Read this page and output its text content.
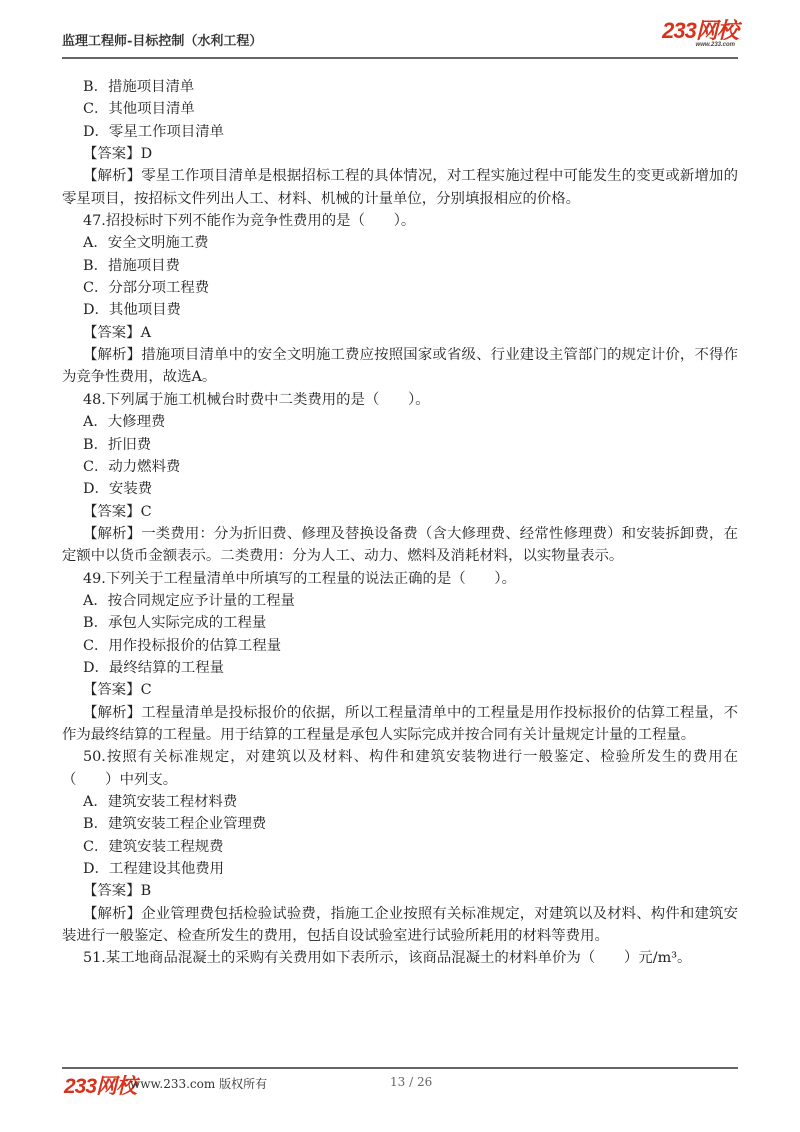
监理工程师-目标控制（水利工程）	233网校
www.233.com

B．措施项目清单

C．其他项目清单

D．零星工作项目清单

【答案】D

【解析】零星工作项目清单是根据招标工程的具体情况，对工程实施过程中可能发生的变更或新增加的零星项目，按招标文件列出人工、材料、机械的计量单位，分别填报相应的价格。

47.招投标时下列不能作为竞争性费用的是（　　）。

A．安全文明施工费

B．措施项目费

C．分部分项工程费

D．其他项目费

【答案】A

【解析】措施项目清单中的安全文明施工费应按照国家或省级、行业建设主管部门的规定计价，不得作为竞争性费用，故选A。

48.下列属于施工机械台时费中二类费用的是（　　）。

A．大修理费

B．折旧费

C．动力燃料费

D．安装费

【答案】C

【解析】一类费用：分为折旧费、修理及替换设备费（含大修理费、经常性修理费）和安装拆卸费，在定额中以货币金额表示。二类费用：分为人工、动力、燃料及消耗材料，以实物量表示。

49.下列关于工程量清单中所填写的工程量的说法正确的是（　　）。

A．按合同规定应予计量的工程量

B．承包人实际完成的工程量

C．用作投标报价的估算工程量

D．最终结算的工程量

【答案】C

【解析】工程量清单是投标报价的依据，所以工程量清单中的工程量是用作投标报价的估算工程量，不作为最终结算的工程量。用于结算的工程量是承包人实际完成并按合同有关计量规定计量的工程量。

50.按照有关标准规定，对建筑以及材料、构件和建筑安装物进行一般鉴定、检验所发生的费用在（　　）中列支。

A．建筑安装工程材料费

B．建筑安装工程企业管理费

C．建筑安装工程规费

D．工程建设其他费用

【答案】B

【解析】企业管理费包括检验试验费，指施工企业按照有关标准规定，对建筑以及材料、构件和建筑安装进行一般鉴定、检查所发生的费用，包括自设试验室进行试验所耗用的材料等费用。

51.某工地商品混凝土的采购有关费用如下表所示，该商品混凝土的材料单价为（　　）元/m³。

233网校
www.233.com 版权所有	13 / 26
